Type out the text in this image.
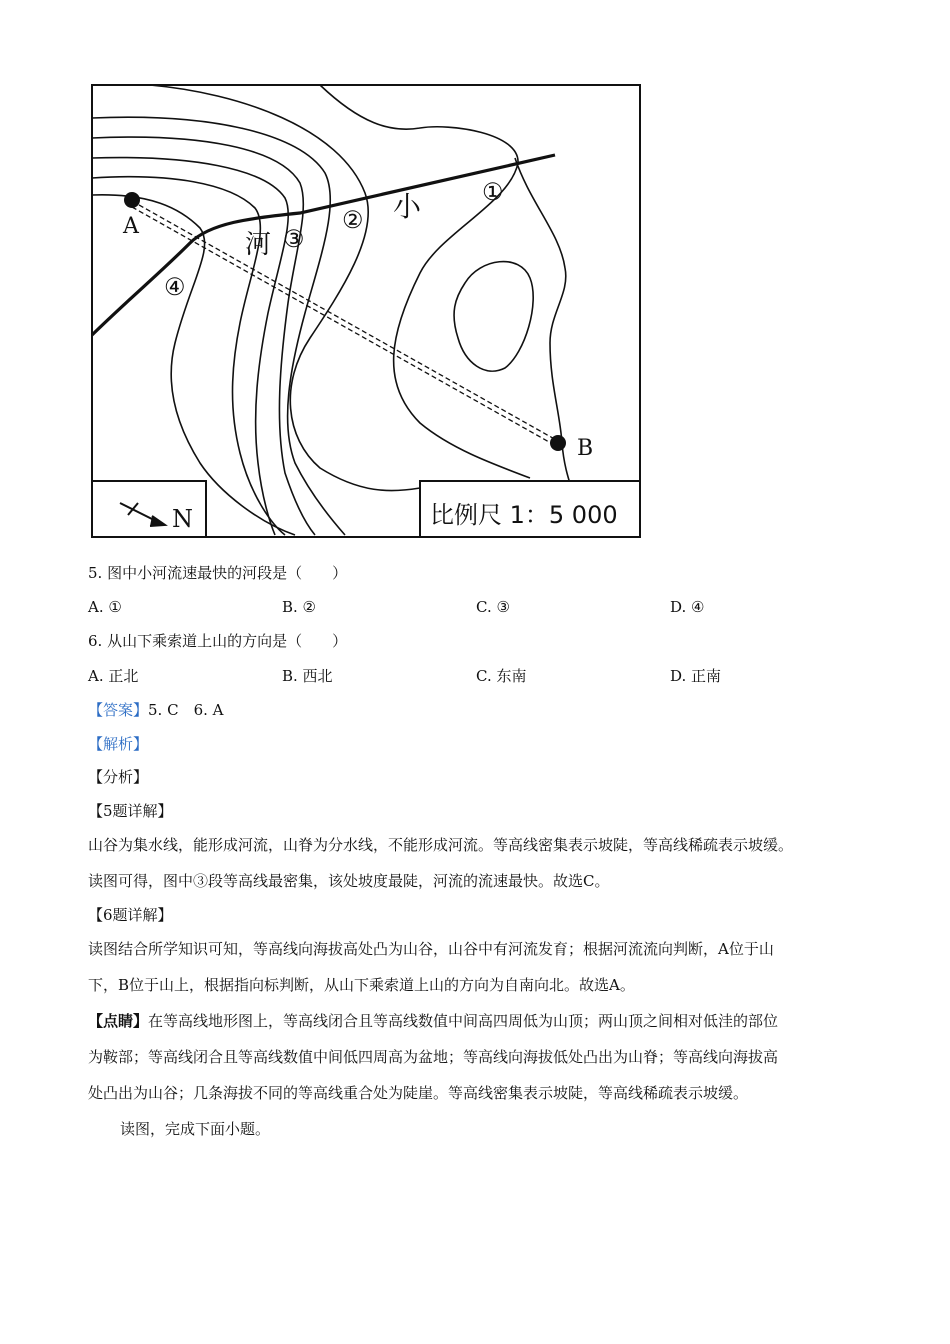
A
B
小
河
①
②
③
④
N	比例尺 1：5 000
5. 图中小河流速最快的河段是（　　）
A. ①	B. ②	C. ③	D. ④
6. 从山下乘索道上山的方向是（　　）
A. 正北	B. 西北	C. 东南	D. 正南
【答案】5. C　6. A
【解析】
【分析】
【5题详解】
山谷为集水线，能形成河流，山脊为分水线，不能形成河流。等高线密集表示坡陡，等高线稀疏表示坡缓。
读图可得，图中③段等高线最密集，该处坡度最陡，河流的流速最快。故选C。
【6题详解】
读图结合所学知识可知，等高线向海拔高处凸为山谷，山谷中有河流发育；根据河流流向判断，A位于山
下，B位于山上，根据指向标判断，从山下乘索道上山的方向为自南向北。故选A。
【点睛】在等高线地形图上，等高线闭合且等高线数值中间高四周低为山顶；两山顶之间相对低洼的部位
为鞍部；等高线闭合且等高线数值中间低四周高为盆地；等高线向海拔低处凸出为山脊；等高线向海拔高
处凸出为山谷；几条海拔不同的等高线重合处为陡崖。等高线密集表示坡陡，等高线稀疏表示坡缓。
读图，完成下面小题。
